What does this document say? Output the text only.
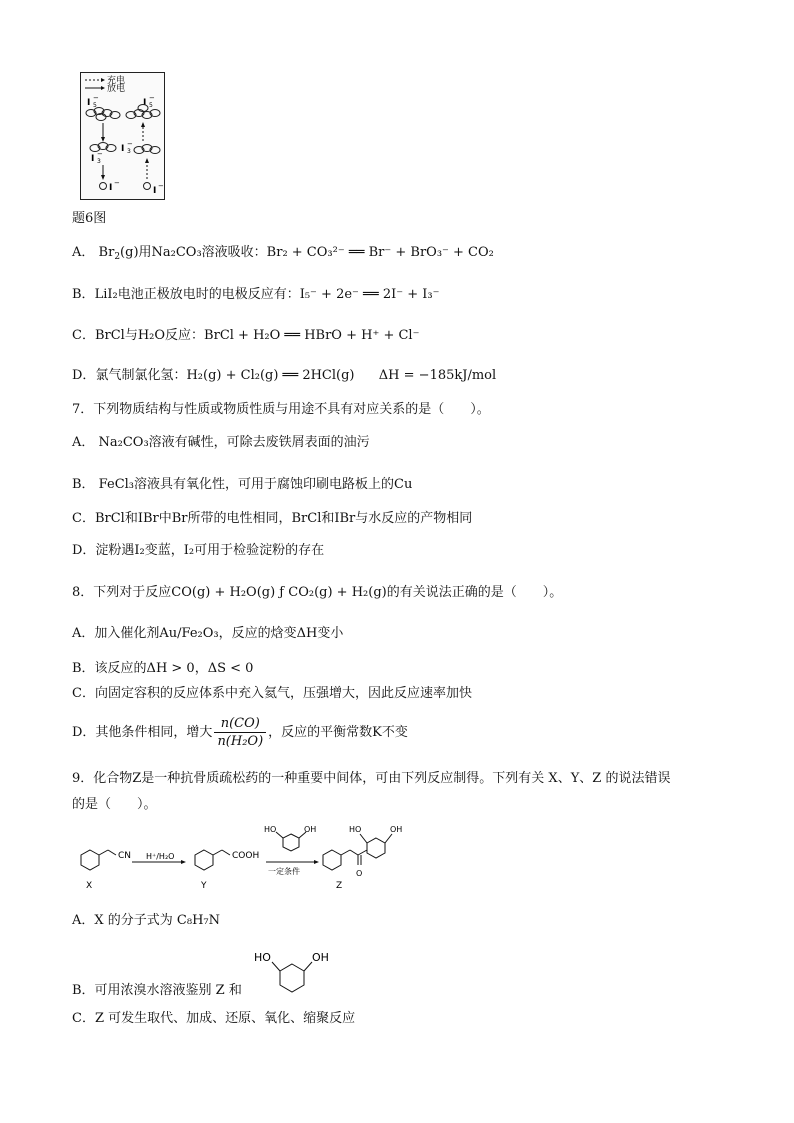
充电
放电
I 5
−	I 5
−
I 3
− I 3
−
I −
I −
题6图
A． $Br_2(g)$用Na₂CO₃溶液吸收：Br₂ + CO₃²⁻ ══ Br⁻ + BrO₃⁻ + CO₂
B．LiI₂电池正极放电时的电极反应有：I₅⁻ + 2e⁻ ══ 2I⁻ + I₃⁻
C．BrCl与H₂O反应：BrCl + H₂O ══ HBrO + H⁺ + Cl⁻
D．氯气制氯化氢：H₂(g) + Cl₂(g) ══ 2HCl(g) ΔH = −185kJ/mol
7．下列物质结构与性质或物质性质与用途不具有对应关系的是（　　）。
A． Na₂CO₃溶液有碱性，可除去废铁屑表面的油污
B． FeCl₃溶液具有氧化性，可用于腐蚀印刷电路板上的Cu
C．BrCl和IBr中Br所带的电性相同，BrCl和IBr与水反应的产物相同
D．淀粉遇I₂变蓝，I₂可用于检验淀粉的存在
8．下列对于反应CO(g) + H₂O(g) ƒ CO₂(g) + H₂(g)的有关说法正确的是（　　）。
A．加入催化剂Au/Fe₂O₃，反应的焓变ΔH变小
B．该反应的ΔH > 0，ΔS < 0
C．向固定容积的反应体系中充入氦气，压强增大，因此反应速率加快
D．其他条件相同，增大 $\frac{n(CO)}{\text{n(H₂O)}}$ ，反应的平衡常数K不变
9．化合物Z是一种抗骨质疏松药的一种重要中间体，可由下列反应制得。下列有关 X、Y、Z 的说法错误
的是（　　）。
CN H⁺/H₂O	COOH
一定条件
HO	OH	HO	OH
O
X	Y	Z
A．X 的分子式为 C₈H₇N
HO	OH
B．可用浓溴水溶液鉴别 Z 和
C．Z 可发生取代、加成、还原、氧化、缩聚反应
